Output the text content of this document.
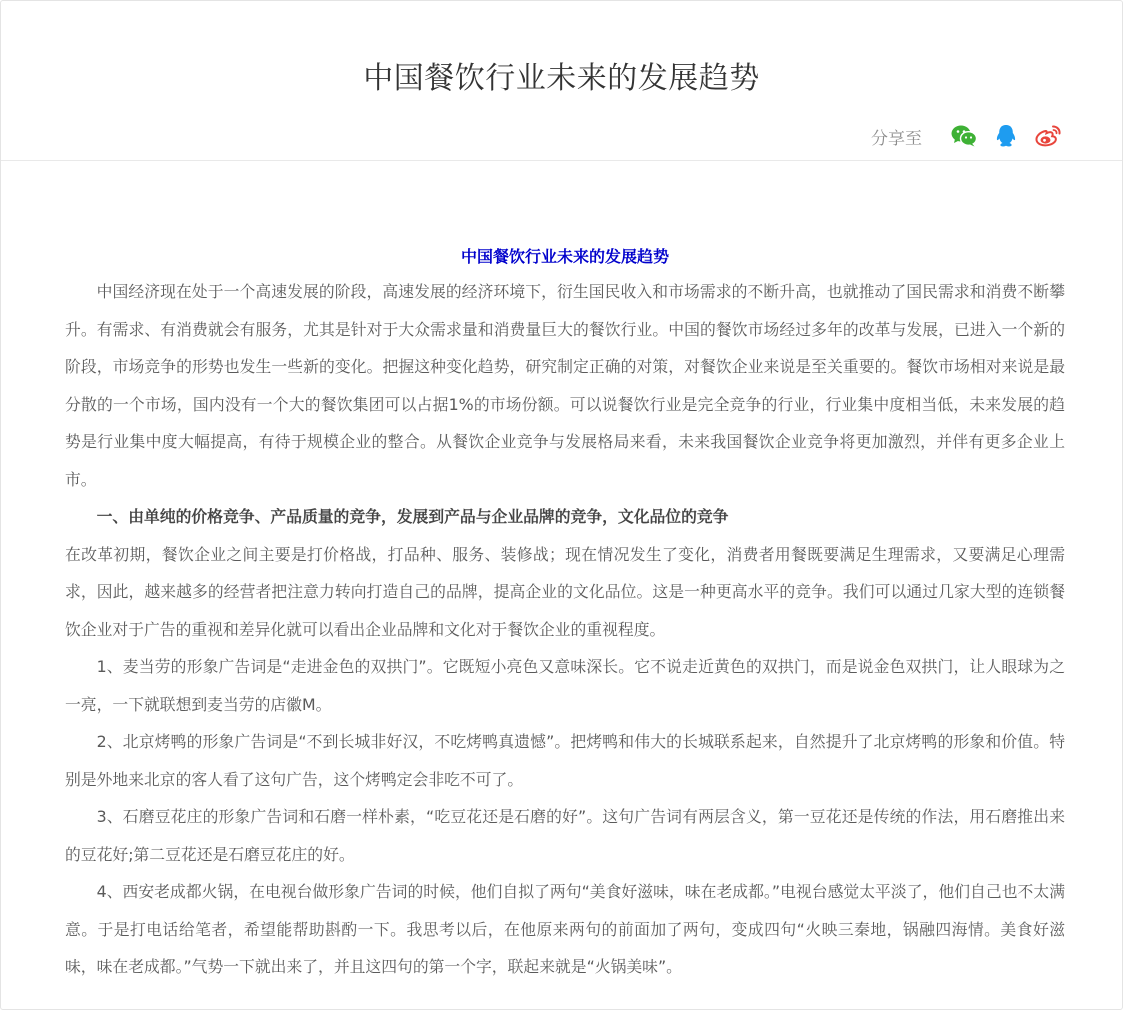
中国餐饮行业未来的发展趋势
分享至

中国餐饮行业未来的发展趋势

中国经济现在处于一个高速发展的阶段，高速发展的经济环境下，衍生国民收入和市场需求的不断升高，也就推动了国民需求和消费不断攀升。有需求、有消费就会有服务，尤其是针对于大众需求量和消费量巨大的餐饮行业。中国的餐饮市场经过多年的改革与发展，已进入一个新的阶段，市场竞争的形势也发生一些新的变化。把握这种变化趋势，研究制定正确的对策，对餐饮企业来说是至关重要的。餐饮市场相对来说是最分散的一个市场，国内没有一个大的餐饮集团可以占据1%的市场份额。可以说餐饮行业是完全竞争的行业，行业集中度相当低，未来发展的趋势是行业集中度大幅提高，有待于规模企业的整合。从餐饮企业竞争与发展格局来看，未来我国餐饮企业竞争将更加激烈，并伴有更多企业上市。

一、由单纯的价格竞争、产品质量的竞争，发展到产品与企业品牌的竞争，文化品位的竞争

在改革初期，餐饮企业之间主要是打价格战，打品种、服务、装修战；现在情况发生了变化，消费者用餐既要满足生理需求，又要满足心理需求，因此，越来越多的经营者把注意力转向打造自己的品牌，提高企业的文化品位。这是一种更高水平的竞争。我们可以通过几家大型的连锁餐饮企业对于广告的重视和差异化就可以看出企业品牌和文化对于餐饮企业的重视程度。

1、麦当劳的形象广告词是“走进金色的双拱门”。它既短小亮色又意味深长。它不说走近黄色的双拱门，而是说金色双拱门，让人眼球为之一亮，一下就联想到麦当劳的店徽M。

2、北京烤鸭的形象广告词是“不到长城非好汉，不吃烤鸭真遗憾”。把烤鸭和伟大的长城联系起来，自然提升了北京烤鸭的形象和价值。特别是外地来北京的客人看了这句广告，这个烤鸭定会非吃不可了。

3、石磨豆花庄的形象广告词和石磨一样朴素，“吃豆花还是石磨的好”。这句广告词有两层含义，第一豆花还是传统的作法，用石磨推出来的豆花好;第二豆花还是石磨豆花庄的好。

4、西安老成都火锅，在电视台做形象广告词的时候，他们自拟了两句“美食好滋味，味在老成都。”电视台感觉太平淡了，他们自己也不太满意。于是打电话给笔者，希望能帮助斟酌一下。我思考以后，在他原来两句的前面加了两句，变成四句“火映三秦地，锅融四海情。美食好滋味，味在老成都。”气势一下就出来了，并且这四句的第一个字，联起来就是“火锅美味”。
